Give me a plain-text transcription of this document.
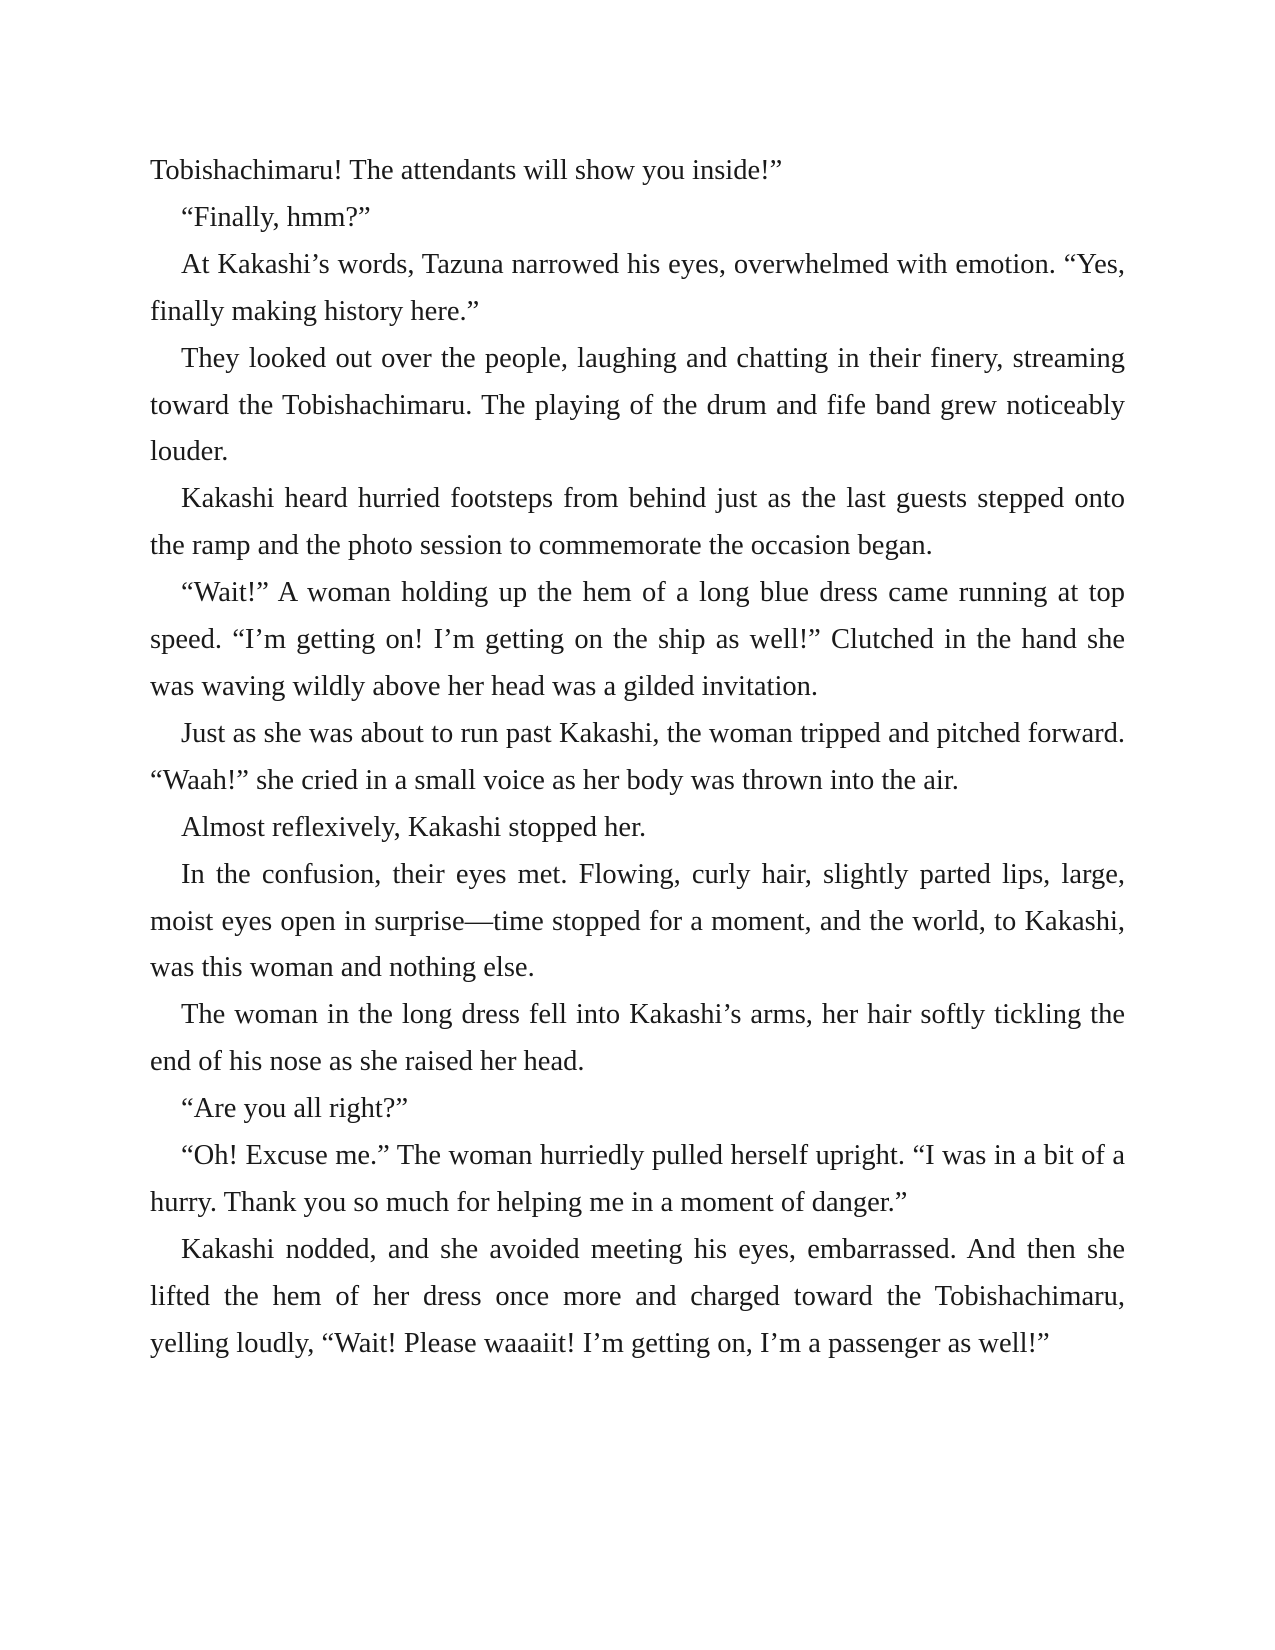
Tobishachimaru! The attendants will show you inside!”

“Finally, hmm?”

At Kakashi’s words, Tazuna narrowed his eyes, overwhelmed with emotion. “Yes, finally making history here.”

They looked out over the people, laughing and chatting in their finery, streaming toward the Tobishachimaru. The playing of the drum and fife band grew noticeably louder.

Kakashi heard hurried footsteps from behind just as the last guests stepped onto the ramp and the photo session to commemorate the occasion began.

“Wait!” A woman holding up the hem of a long blue dress came running at top speed. “I’m getting on! I’m getting on the ship as well!” Clutched in the hand she was waving wildly above her head was a gilded invitation.

Just as she was about to run past Kakashi, the woman tripped and pitched forward. “Waah!” she cried in a small voice as her body was thrown into the air.

Almost reflexively, Kakashi stopped her.

In the confusion, their eyes met. Flowing, curly hair, slightly parted lips, large, moist eyes open in surprise—time stopped for a moment, and the world, to Kakashi, was this woman and nothing else.

The woman in the long dress fell into Kakashi’s arms, her hair softly tickling the end of his nose as she raised her head.

“Are you all right?”

“Oh! Excuse me.” The woman hurriedly pulled herself upright. “I was in a bit of a hurry. Thank you so much for helping me in a moment of danger.”

Kakashi nodded, and she avoided meeting his eyes, embarrassed. And then she lifted the hem of her dress once more and charged toward the Tobishachimaru, yelling loudly, “Wait! Please waaaiit! I’m getting on, I’m a passenger as well!”
